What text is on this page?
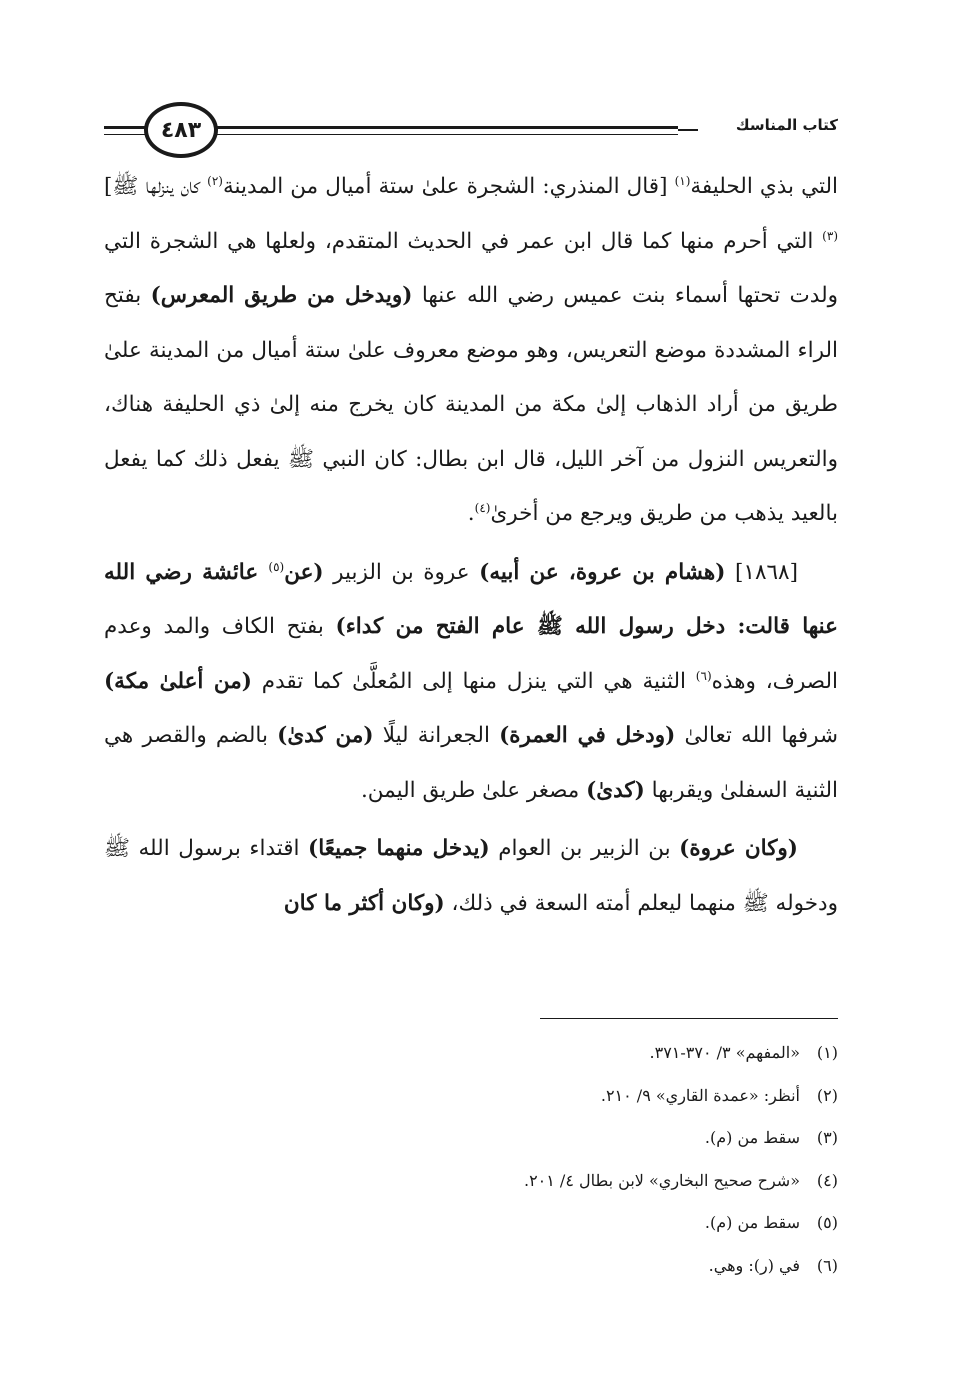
٤٨٣	كتاب المناسك

التي بذي الحليفة$^{(١)}$ [قال المنذري: الشجرة علىٰ ستة أميال من المدينة$^{(٢)}$ كان ينزلها ﷺ]$^{(٣)}$ التي أحرم منها كما قال ابن عمر في الحديث المتقدم، ولعلها هي الشجرة التي ولدت تحتها أسماء بنت عميس رضي الله عنها (ويدخل من طريق المعرس) بفتح الراء المشددة موضع التعريس، وهو موضع معروف علىٰ ستة أميال من المدينة علىٰ طريق من أراد الذهاب إلىٰ مكة من المدينة كان يخرج منه إلىٰ ذي الحليفة هناك، والتعريس النزول من آخر الليل، قال ابن بطال: كان النبي ﷺ يفعل ذلك كما يفعل بالعيد يذهب من طريق ويرجع من أخرىٰ$^{(٤)}$.

[١٨٦٨] (هشام بن عروة، عن أبيه) عروة بن الزبير (عن$^{(٥)}$ عائشة رضي الله عنها قالت: دخل رسول الله ﷺ عام الفتح من كداء) بفتح الكاف والمد وعدم الصرف، وهذه$^{(٦)}$ الثنية هي التي ينزل منها إلى المُعلَّىٰ كما تقدم (من أعلىٰ مكة) شرفها الله تعالىٰ (ودخل في العمرة) الجعرانة ليلًا (من كدىٰ) بالضم والقصر هي الثنية السفلىٰ ويقربها (كدىٰ) مصغر علىٰ طريق اليمن.

(وكان عروة) بن الزبير بن العوام (يدخل منهما جميعًا) اقتداء برسول الله ﷺ ودخوله ﷺ منهما ليعلم أمته السعة في ذلك، (وكان أكثر ما كان

(١)«المفهم» ٣/ ٣٧٠-٣٧١.
(٢)أنظر: «عمدة القاري» ٩/ ٢١٠.
(٣)سقط من (م).
(٤)«شرح صحيح البخاري» لابن بطال ٤/ ٢٠١.
(٥)سقط من (م).
(٦)في (ر): وهي.
